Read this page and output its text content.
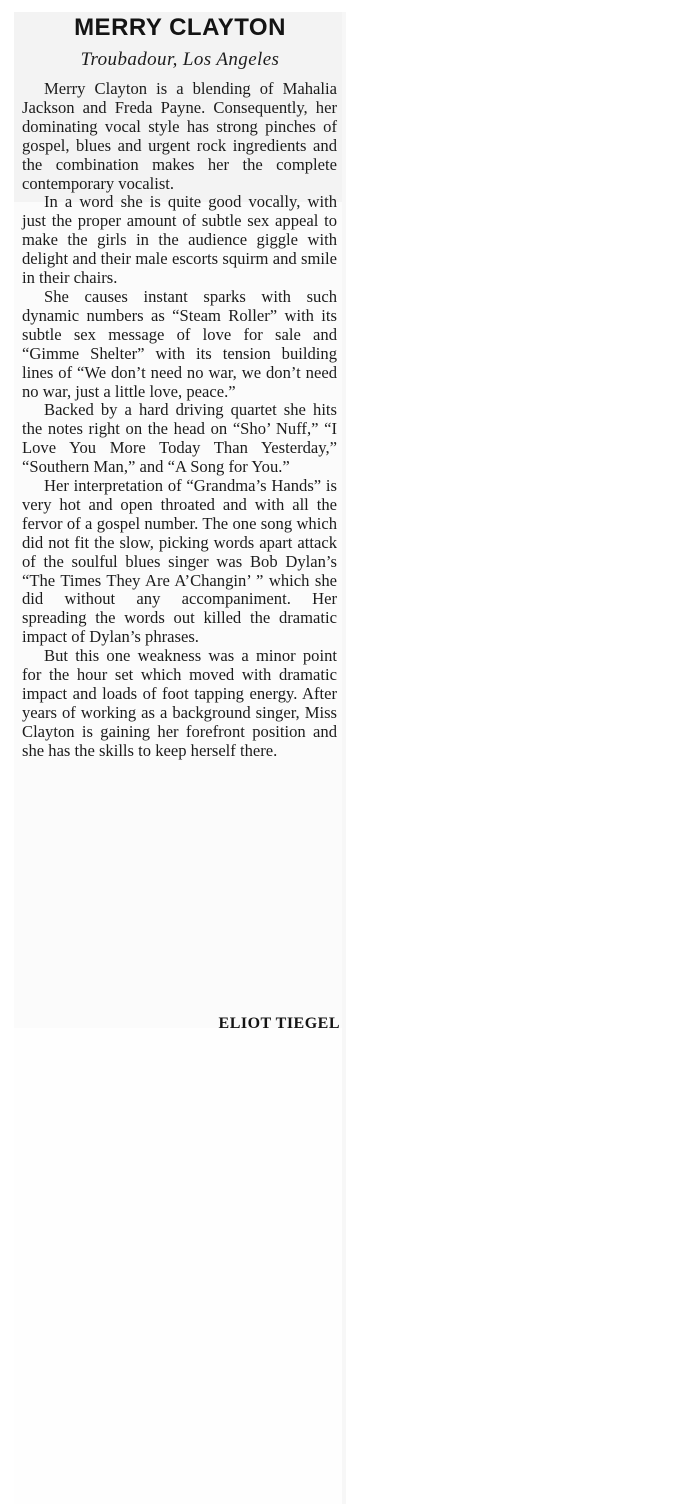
MERRY CLAYTON
Troubadour, Los Angeles

Merry Clayton is a blending of Mahalia Jackson and Freda Payne. Consequently, her dominating vocal style has strong pinches of gospel, blues and urgent rock ingredients and the combination makes her the complete contemporary vocalist.

In a word she is quite good vocally, with just the proper amount of subtle sex appeal to make the girls in the audience giggle with delight and their male escorts squirm and smile in their chairs.

She causes instant sparks with such dynamic numbers as “Steam Roller” with its subtle sex message of love for sale and “Gimme Shelter” with its tension building lines of “We don’t need no war, we don’t need no war, just a little love, peace.”

Backed by a hard driving quartet she hits the notes right on the head on “Sho’ Nuff,” “I Love You More Today Than Yesterday,” “Southern Man,” and “A Song for You.”

Her interpretation of “Grandma’s Hands” is very hot and open throated and with all the fervor of a gospel number. The one song which did not fit the slow, picking words apart attack of the soulful blues singer was Bob Dylan’s “The Times They Are A’Changin’ ” which she did without any accompaniment. Her spreading the words out killed the dramatic impact of Dylan’s phrases.

But this one weakness was a minor point for the hour set which moved with dramatic impact and loads of foot tapping energy. After years of working as a background singer, Miss Clayton is gaining her forefront position and she has the skills to keep herself there.

ELIOT TIEGEL
